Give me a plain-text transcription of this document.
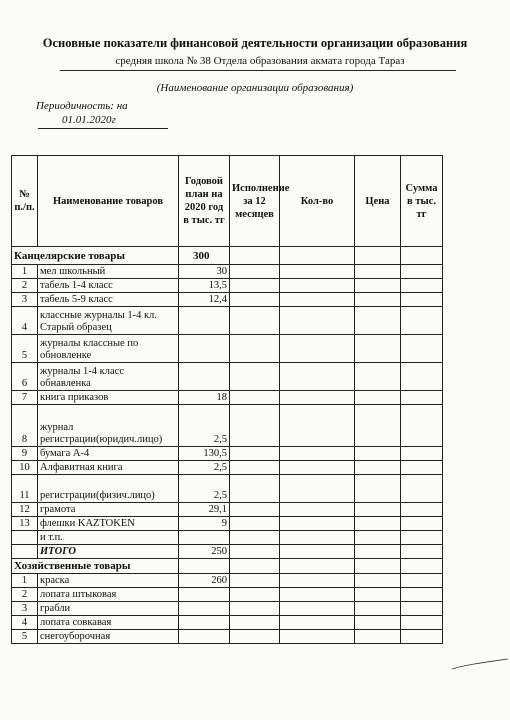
Основные показатели финансовой деятельности организации образования
средняя школа № 38 Отдела образования акмата города Тараз
(Наименование организации образования)
Периодичность: на
01.01.2020г
№ п./п.	Наименование товаров	Годовой план на 2020 год в тыс. тг	Исполнение за 12 месяцев	Кол-во	Цена	Сумма в тыс. тг
Канцелярские товары		300				
1	мел школьный	30				
2	табель 1-4 класс	13,5				
3	табель 5-9 класс	12,4				
4	классные журналы 1-4 кл. Старый образец					
5	журналы классные по обновленке					
6	журналы 1-4 класс обнавленка					
7	книга приказов	18				
8	журнал регистрации(юридич.лицо)	2,5				
9	бумага А-4	130,5				
10	Алфавитная книга	2,5				
11	регистрации(физич.лицо)	2,5				
12	грамота	29,1				
13	флешки KAZTOKEN	9				
	и т.п.					
	ИТОГО	250				
Хозяйственные товары						
1	краска	260				
2	лопата штыковая					
3	грабли					
4	лопата совкавая					
5	снегоуборочная					
